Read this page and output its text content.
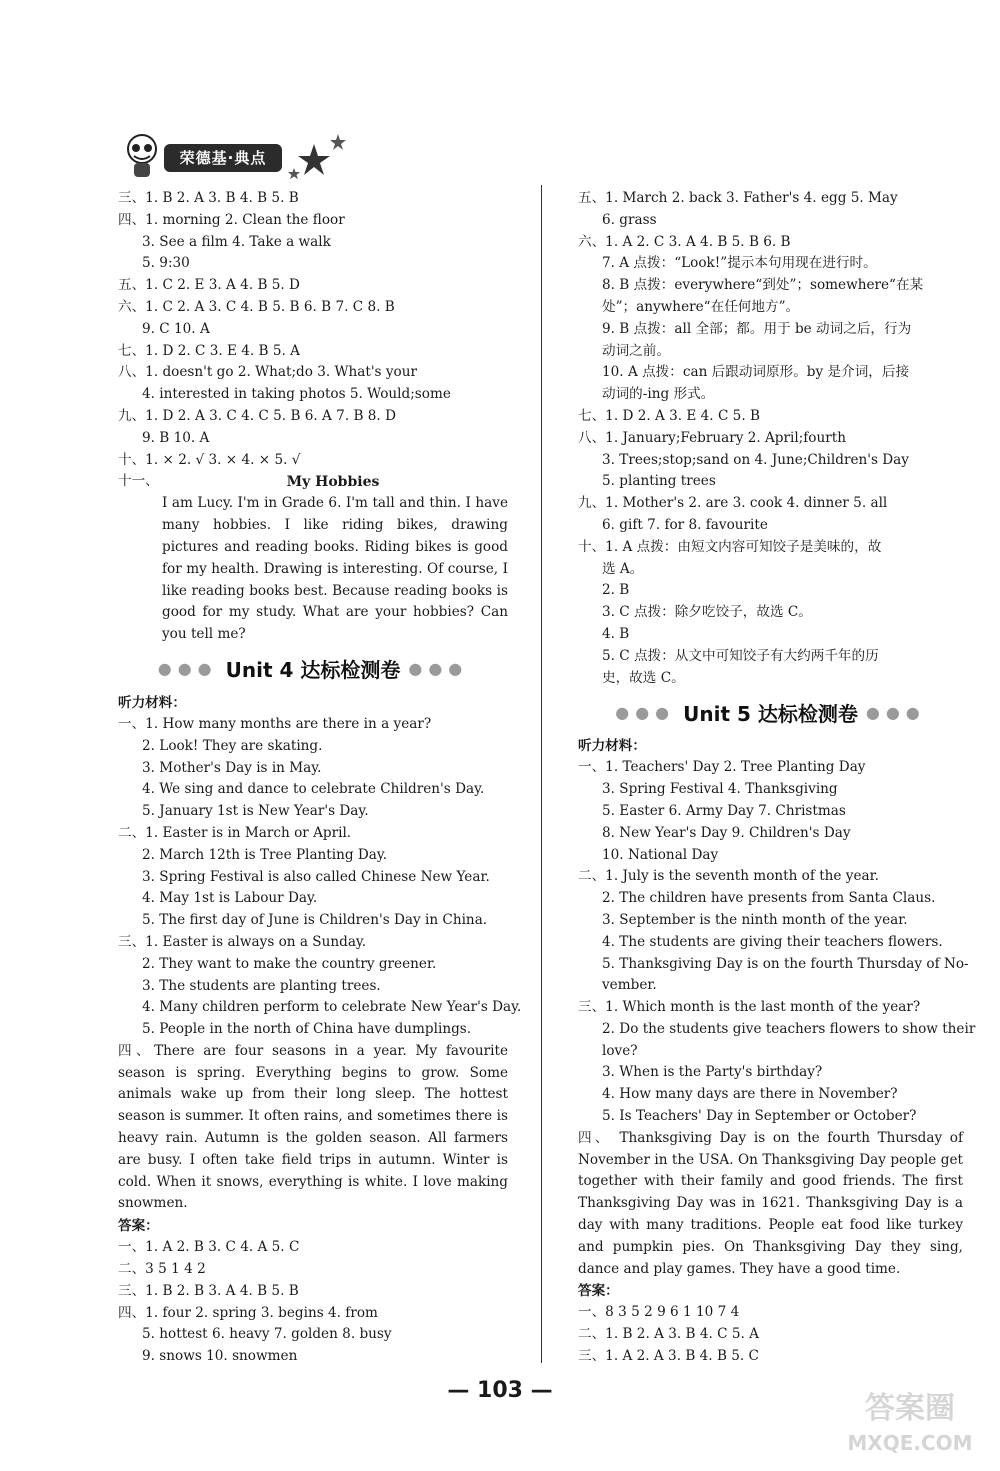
荣德基·典点
三、1. B 2. A 3. B 4. B 5. B
四、1. morning 2. Clean the floor
3. See a film 4. Take a walk
5. 9:30
五、1. C 2. E 3. A 4. B 5. D
六、1. C 2. A 3. C 4. B 5. B 6. B 7. C 8. B
9. C 10. A
七、1. D 2. C 3. E 4. B 5. A
八、1. doesn't go 2. What;do 3. What's your
4. interested in taking photos 5. Would;some
九、1. D 2. A 3. C 4. C 5. B 6. A 7. B 8. D
9. B 10. A
十、1. × 2. √ 3. × 4. × 5. √
十一、	My Hobbies
I am Lucy. I'm in Grade 6. I'm tall and thin. I have many hobbies. I like riding bikes, drawing pictures and reading books. Riding bikes is good for my health. Drawing is interesting. Of course, I like reading books best. Because reading books is good for my study. What are your hobbies? Can you tell me?
●●● Unit 4 达标检测卷 ●●●
听力材料：
一、1. How many months are there in a year?
2. Look! They are skating.
3. Mother's Day is in May.
4. We sing and dance to celebrate Children's Day.
5. January 1st is New Year's Day.
二、1. Easter is in March or April.
2. March 12th is Tree Planting Day.
3. Spring Festival is also called Chinese New Year.
4. May 1st is Labour Day.
5. The first day of June is Children's Day in China.
三、1. Easter is always on a Sunday.
2. They want to make the country greener.
3. The students are planting trees.
4. Many children perform to celebrate New Year's Day.
5. People in the north of China have dumplings.
四、There are four seasons in a year. My favourite season is spring. Everything begins to grow. Some animals wake up from their long sleep. The hottest season is summer. It often rains, and sometimes there is heavy rain. Autumn is the golden season. All farmers are busy. I often take field trips in autumn. Winter is cold. When it snows, everything is white. I love making snowmen.
答案：
一、1. A 2. B 3. C 4. A 5. C
二、3 5 1 4 2
三、1. B 2. B 3. A 4. B 5. B
四、1. four 2. spring 3. begins 4. from
5. hottest 6. heavy 7. golden 8. busy
9. snows 10. snowmen
五、1. March 2. back 3. Father's 4. egg 5. May
6. grass
六、1. A 2. C 3. A 4. B 5. B 6. B
7. A 点拨：“Look!”提示本句用现在进行时。
8. B 点拨：everywhere“到处”；somewhere“在某
处”；anywhere“在任何地方”。
9. B 点拨：all 全部；都。用于 be 动词之后，行为
动词之前。
10. A 点拨：can 后跟动词原形。by 是介词，后接
动词的-ing 形式。
七、1. D 2. A 3. E 4. C 5. B
八、1. January;February 2. April;fourth
3. Trees;stop;sand on 4. June;Children's Day
5. planting trees
九、1. Mother's 2. are 3. cook 4. dinner 5. all
6. gift 7. for 8. favourite
十、1. A 点拨：由短文内容可知饺子是美味的，故
选 A。
2. B
3. C 点拨：除夕吃饺子，故选 C。
4. B
5. C 点拨：从文中可知饺子有大约两千年的历
史，故选 C。
●●● Unit 5 达标检测卷 ●●●
听力材料：
一、1. Teachers' Day 2. Tree Planting Day
3. Spring Festival 4. Thanksgiving
5. Easter 6. Army Day 7. Christmas
8. New Year's Day 9. Children's Day
10. National Day
二、1. July is the seventh month of the year.
2. The children have presents from Santa Claus.
3. September is the ninth month of the year.
4. The students are giving their teachers flowers.
5. Thanksgiving Day is on the fourth Thursday of No-
vember.
三、1. Which month is the last month of the year?
2. Do the students give teachers flowers to show their
love?
3. When is the Party's birthday?
4. How many days are there in November?
5. Is Teachers' Day in September or October?
四、 Thanksgiving Day is on the fourth Thursday of November in the USA. On Thanksgiving Day people get together with their family and good friends. The first Thanksgiving Day was in 1621. Thanksgiving Day is a day with many traditions. People eat food like turkey and pumpkin pies. On Thanksgiving Day they sing, dance and play games. They have a good time.
答案：
一、8 3 5 2 9 6 1 10 7 4
二、1. B 2. A 3. B 4. C 5. A
三、1. A 2. A 3. B 4. B 5. C
— 103 —
答案圈
MXQE.COM
